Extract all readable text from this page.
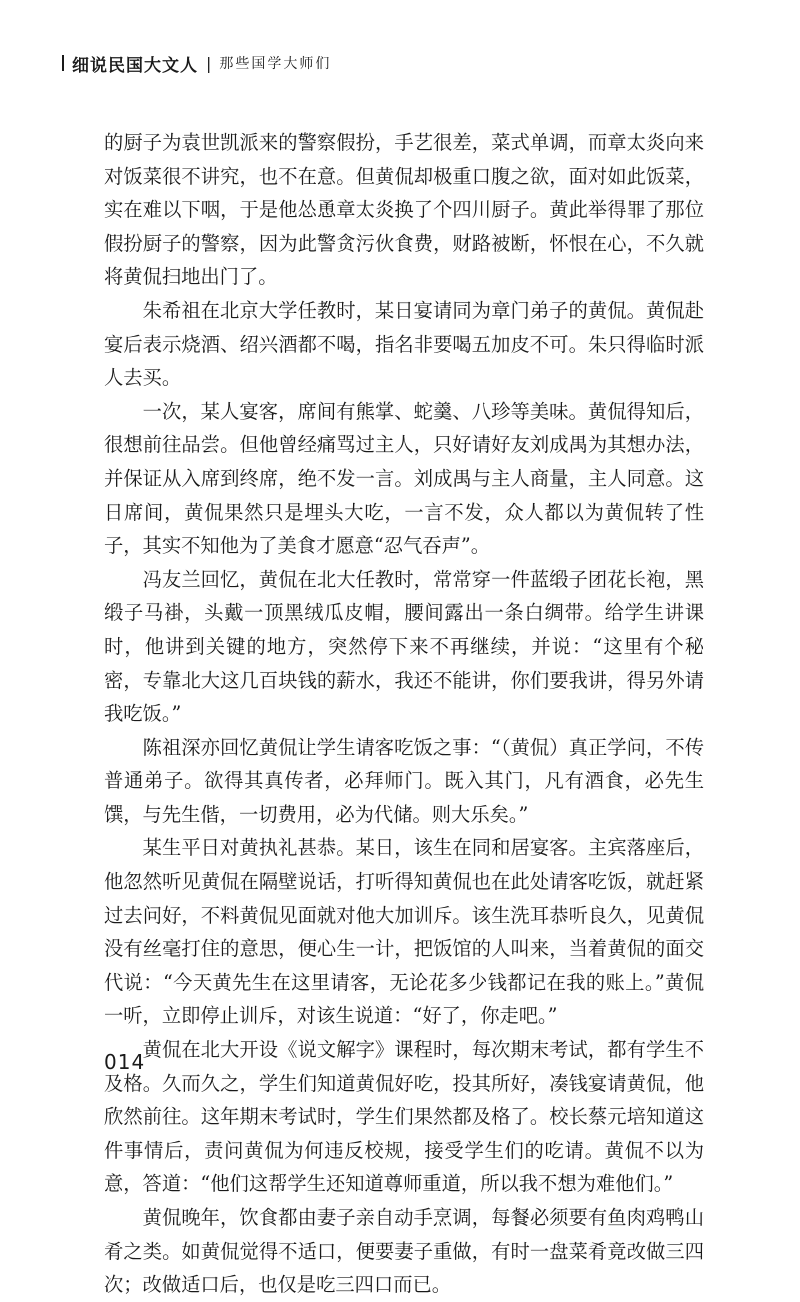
细说民国大文人 | 那些国学大师们

的厨子为袁世凯派来的警察假扮，手艺很差，菜式单调，而章太炎向来对饭菜很不讲究，也不在意。但黄侃却极重口腹之欲，面对如此饭菜，实在难以下咽，于是他怂恿章太炎换了个四川厨子。黄此举得罪了那位假扮厨子的警察，因为此警贪污伙食费，财路被断，怀恨在心，不久就将黄侃扫地出门了。

朱希祖在北京大学任教时，某日宴请同为章门弟子的黄侃。黄侃赴宴后表示烧酒、绍兴酒都不喝，指名非要喝五加皮不可。朱只得临时派人去买。

一次，某人宴客，席间有熊掌、蛇羹、八珍等美味。黄侃得知后，很想前往品尝。但他曾经痛骂过主人，只好请好友刘成禺为其想办法，并保证从入席到终席，绝不发一言。刘成禺与主人商量，主人同意。这日席间，黄侃果然只是埋头大吃，一言不发，众人都以为黄侃转了性子，其实不知他为了美食才愿意“忍气吞声”。

冯友兰回忆，黄侃在北大任教时，常常穿一件蓝缎子团花长袍，黑缎子马褂，头戴一顶黑绒瓜皮帽，腰间露出一条白绸带。给学生讲课时，他讲到关键的地方，突然停下来不再继续，并说：“这里有个秘密，专靠北大这几百块钱的薪水，我还不能讲，你们要我讲，得另外请我吃饭。”

陈祖深亦回忆黄侃让学生请客吃饭之事：“（黄侃）真正学问，不传普通弟子。欲得其真传者，必拜师门。既入其门，凡有酒食，必先生馔，与先生偕，一切费用，必为代储。则大乐矣。”

某生平日对黄执礼甚恭。某日，该生在同和居宴客。主宾落座后，他忽然听见黄侃在隔壁说话，打听得知黄侃也在此处请客吃饭，就赶紧过去问好，不料黄侃见面就对他大加训斥。该生洗耳恭听良久，见黄侃没有丝毫打住的意思，便心生一计，把饭馆的人叫来，当着黄侃的面交代说：“今天黄先生在这里请客，无论花多少钱都记在我的账上。”黄侃一听，立即停止训斥，对该生说道：“好了，你走吧。”

黄侃在北大开设《说文解字》课程时，每次期末考试，都有学生不及格。久而久之，学生们知道黄侃好吃，投其所好，凑钱宴请黄侃，他欣然前往。这年期末考试时，学生们果然都及格了。校长蔡元培知道这件事情后，责问黄侃为何违反校规，接受学生们的吃请。黄侃不以为意，答道：“他们这帮学生还知道尊师重道，所以我不想为难他们。”

黄侃晚年，饮食都由妻子亲自动手烹调，每餐必须要有鱼肉鸡鸭山肴之类。如黄侃觉得不适口，便要妻子重做，有时一盘菜肴竟改做三四次；改做适口后，也仅是吃三四口而已。

014
